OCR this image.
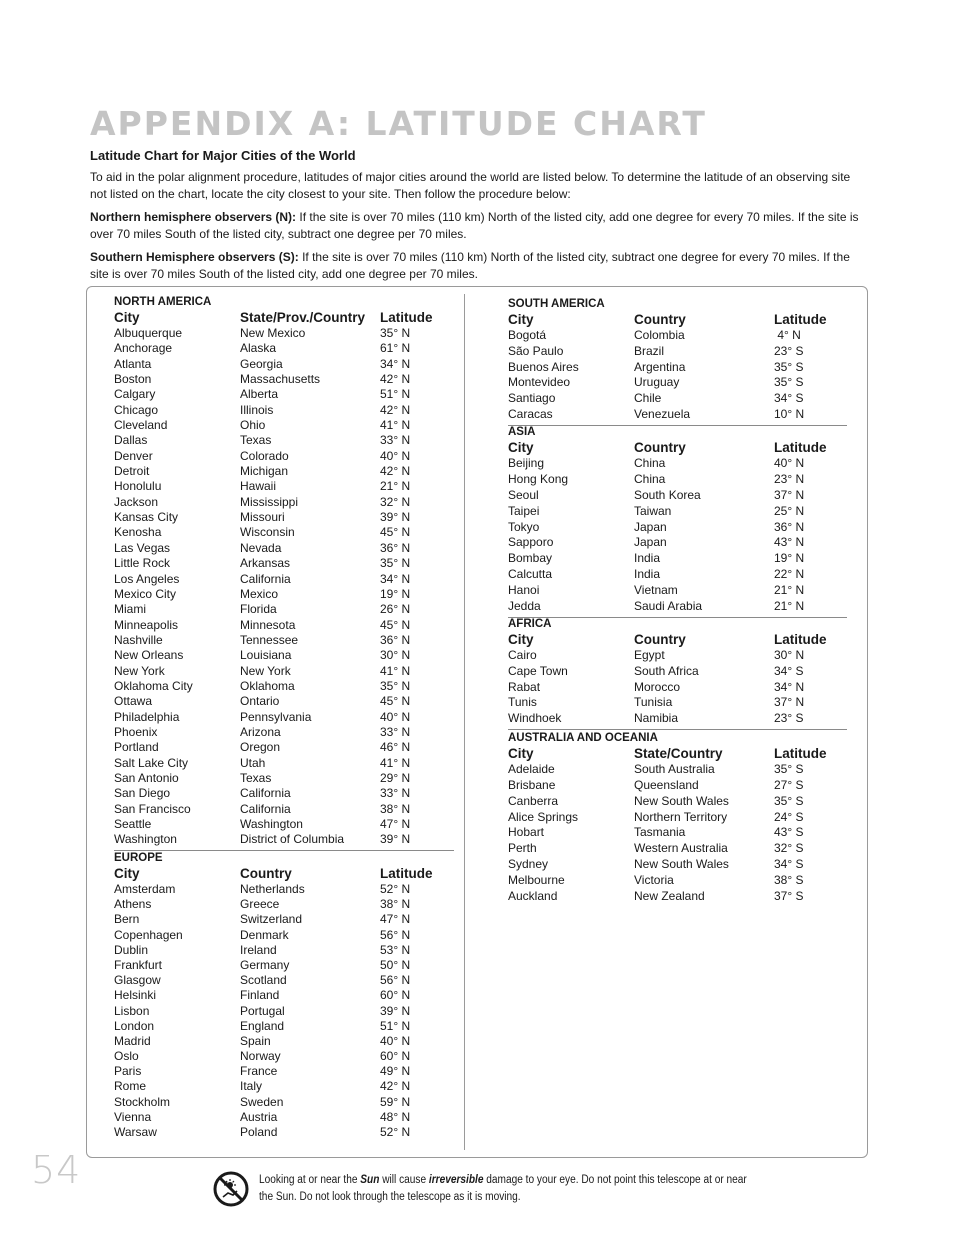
APPENDIX A: LATITUDE CHART
Latitude Chart for Major Cities of the World

To aid in the polar alignment procedure, latitudes of major cities around the world are listed below. To determine the latitude of an observing site not listed on the chart, locate the city closest to your site. Then follow the procedure below:

Northern hemisphere observers (N): If the site is over 70 miles (110 km) North of the listed city, add one degree for every 70 miles. If the site is over 70 miles South of the listed city, subtract one degree per 70 miles.

Southern Hemisphere observers (S): If the site is over 70 miles (110 km) North of the listed city, subtract one degree for every 70 miles. If the site is over 70 miles South of the listed city, add one degree per 70 miles.

NORTH AMERICA
City	State/Prov./Country	Latitude
Albuquerque	New Mexico	35° N
Anchorage	Alaska	61° N
Atlanta	Georgia	34° N
Boston	Massachusetts	42° N
Calgary	Alberta	51° N
Chicago	Illinois	42° N
Cleveland	Ohio	41° N
Dallas	Texas	33° N
Denver	Colorado	40° N
Detroit	Michigan	42° N
Honolulu	Hawaii	21° N
Jackson	Mississippi	32° N
Kansas City	Missouri	39° N
Kenosha	Wisconsin	45° N
Las Vegas	Nevada	36° N
Little Rock	Arkansas	35° N
Los Angeles	California	34° N
Mexico City	Mexico	19° N
Miami	Florida	26° N
Minneapolis	Minnesota	45° N
Nashville	Tennessee	36° N
New Orleans	Louisiana	30° N
New York	New York	41° N
Oklahoma City	Oklahoma	35° N
Ottawa	Ontario	45° N
Philadelphia	Pennsylvania	40° N
Phoenix	Arizona	33° N
Portland	Oregon	46° N
Salt Lake City	Utah	41° N
San Antonio	Texas	29° N
San Diego	California	33° N
San Francisco	California	38° N
Seattle	Washington	47° N
Washington	District of Columbia	39° N
EUROPE
City	Country	Latitude
Amsterdam	Netherlands	52° N
Athens	Greece	38° N
Bern	Switzerland	47° N
Copenhagen	Denmark	56° N
Dublin	Ireland	53° N
Frankfurt	Germany	50° N
Glasgow	Scotland	56° N
Helsinki	Finland	60° N
Lisbon	Portugal	39° N
London	England	51° N
Madrid	Spain	40° N
Oslo	Norway	60° N
Paris	France	49° N
Rome	Italy	42° N
Stockholm	Sweden	59° N
Vienna	Austria	48° N
Warsaw	Poland	52° N
SOUTH AMERICA
City	Country	Latitude
Bogotá	Colombia	4° N
São Paulo	Brazil	23° S
Buenos Aires	Argentina	35° S
Montevideo	Uruguay	35° S
Santiago	Chile	34° S
Caracas	Venezuela	10° N
ASIA
City	Country	Latitude
Beijing	China	40° N
Hong Kong	China	23° N
Seoul	South Korea	37° N
Taipei	Taiwan	25° N
Tokyo	Japan	36° N
Sapporo	Japan	43° N
Bombay	India	19° N
Calcutta	India	22° N
Hanoi	Vietnam	21° N
Jedda	Saudi Arabia	21° N
AFRICA
City	Country	Latitude
Cairo	Egypt	30° N
Cape Town	South Africa	34° S
Rabat	Morocco	34° N
Tunis	Tunisia	37° N
Windhoek	Namibia	23° S
AUSTRALIA AND OCEANIA
City	State/Country	Latitude
Adelaide	South Australia	35° S
Brisbane	Queensland	27° S
Canberra	New South Wales	35° S
Alice Springs	Northern Territory	24° S
Hobart	Tasmania	43° S
Perth	Western Australia	32° S
Sydney	New South Wales	34° S
Melbourne	Victoria	38° S
Auckland	New Zealand	37° S
54	Looking at or near the Sun will cause irreversible damage to your eye. Do not point this telescope at or near the Sun. Do not look through the telescope as it is moving.
